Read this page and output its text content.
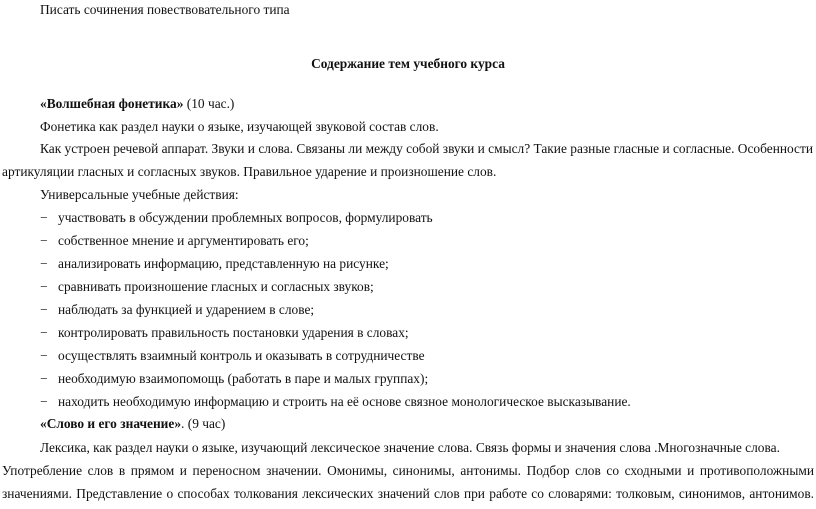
Писать сочинения повествовательного типа
Содержание тем учебного курса
«Волшебная фонетика» (10 час.)
Фонетика как раздел науки о языке, изучающей звуковой состав слов.
Как устроен речевой аппарат. Звуки и слова. Связаны ли между собой звуки и смысл? Такие разные гласные и согласные. Особенности
артикуляции гласных и согласных звуков. Правильное ударение и произношение слов.
Универсальные учебные действия:
− участвовать в обсуждении проблемных вопросов, формулировать
− собственное мнение и аргументировать его;
− анализировать информацию, представленную на рисунке;
− сравнивать произношение гласных и согласных звуков;
− наблюдать за функцией и ударением в слове;
− контролировать правильность постановки ударения в словах;
− осуществлять взаимный контроль и оказывать в сотрудничестве
− необходимую взаимопомощь (работать в паре и малых группах);
− находить необходимую информацию и строить на её основе связное монологическое высказывание.
«Слово и его значение». (9 час)
Лексика, как раздел науки о языке, изучающий лексическое значение слова. Связь формы и значения слова .Многозначные слова.
Употребление слов в прямом и переносном значении. Омонимы, синонимы, антонимы. Подбор слов со сходными и противоположными
значениями. Представление о способах толкования лексических значений слов при работе со словарями: толковым, синонимов, антонимов.
